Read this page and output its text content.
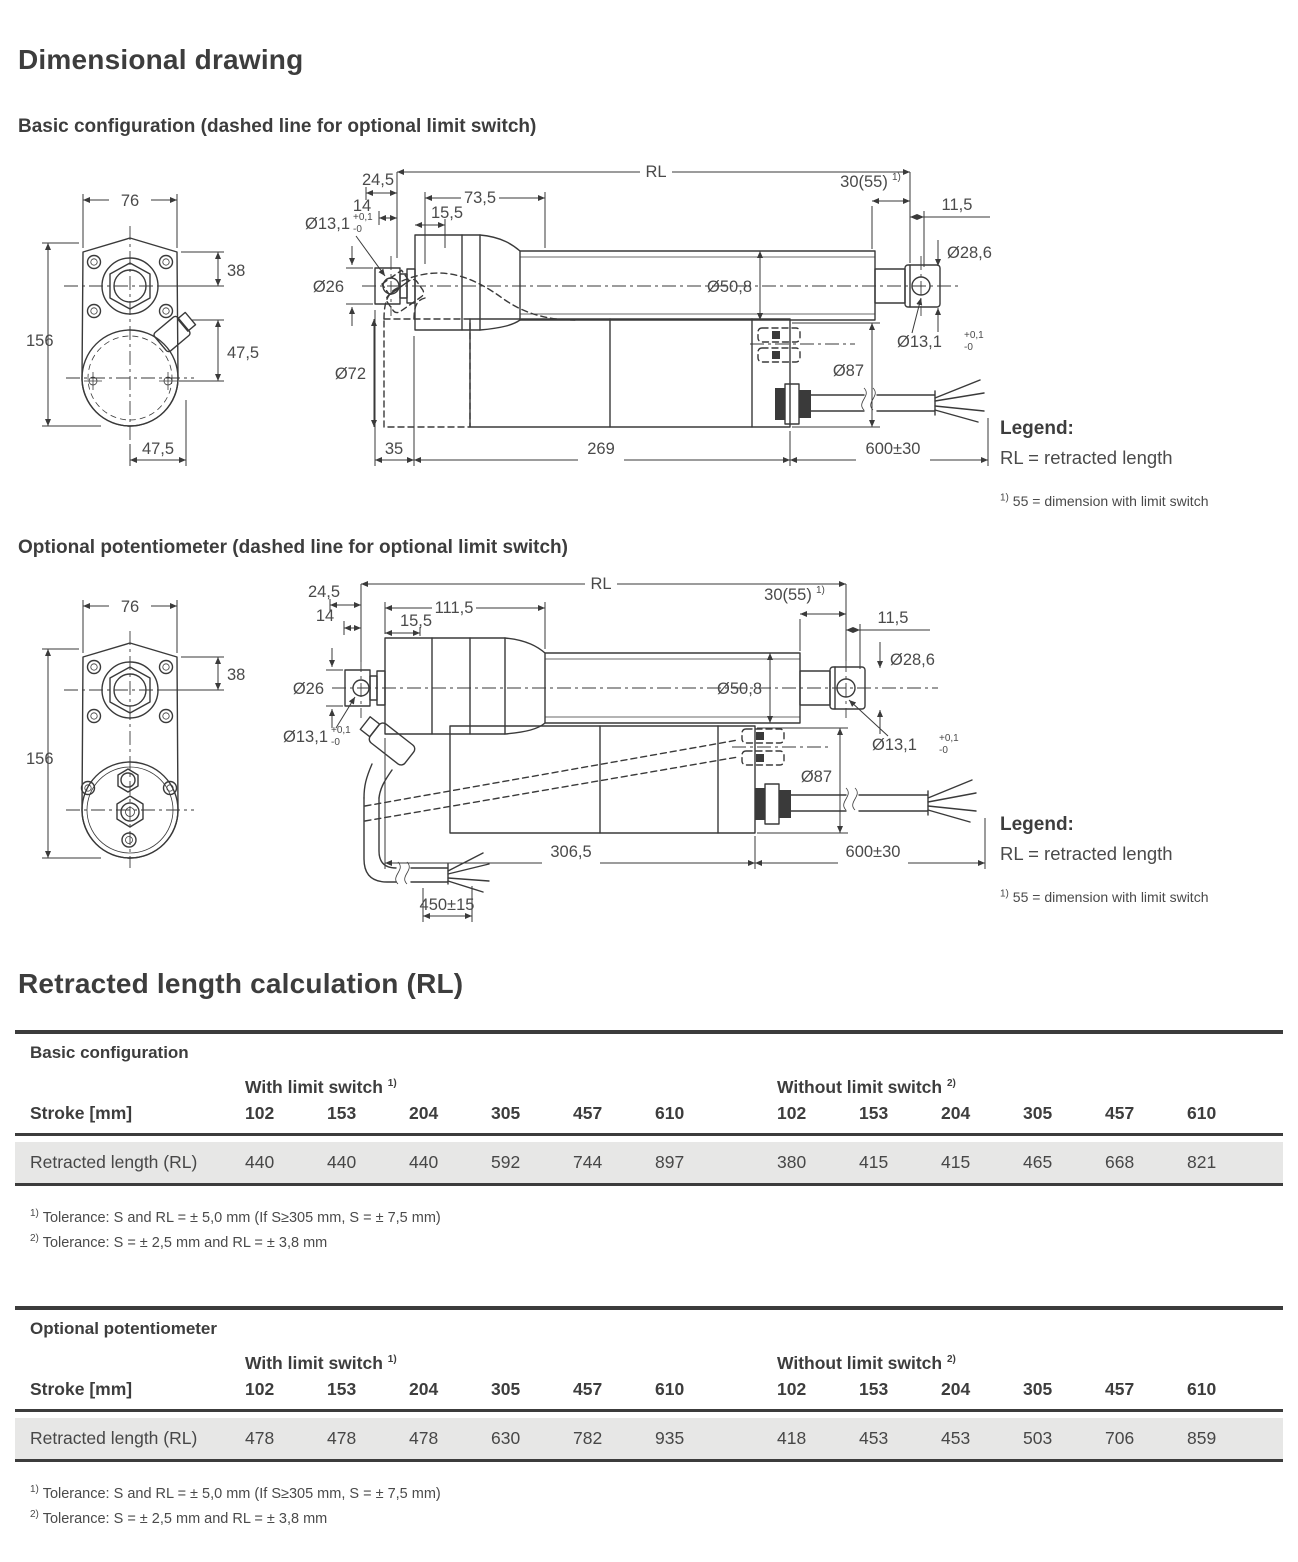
Dimensional drawing
Basic configuration (dashed line for optional limit switch)
76
38
156
47,5
47,5
RL
24,5
14	73,5
15,5
Ø13,1 +0,1
-0
Ø26	Ø50,8
30(55) 1)
11,5
Ø28,6
Ø13,1 +0,1
-0
Ø72	Ø87
35	269	600±30
Legend:
RL = retracted length
$^{1)}$ 55 = dimension with limit switch
Optional potentiometer (dashed line for optional limit switch)
76
38
156
RL
24,5
14	111,5
15,5
Ø26
Ø13,1 +0,1
-0
Ø50,8
30(55) 1)
11,5
Ø28,6
Ø13,1 +0,1
-0
Ø87
306,5	600±30
450±15
Legend:
RL = retracted length
$^{1)}$ 55 = dimension with limit switch
Retracted length calculation (RL)
Basic configuration
With limit switch $^{1)}$	Without limit switch $^{2)}$
Stroke [mm]	102	153	204	305	457	610	102	153	204	305	457	610
Retracted length (RL)	440	440	440	592	744	897	380	415	415	465	668	821
$^{1)}$ Tolerance: S and RL = ± 5,0 mm (If S≥305 mm, S = ± 7,5 mm)
$^{2)}$ Tolerance: S = ± 2,5 mm and RL = ± 3,8 mm
Optional potentiometer
With limit switch $^{1)}$	Without limit switch $^{2)}$
Stroke [mm]	102	153	204	305	457	610	102	153	204	305	457	610
Retracted length (RL)	478	478	478	630	782	935	418	453	453	503	706	859
$^{1)}$ Tolerance: S and RL = ± 5,0 mm (If S≥305 mm, S = ± 7,5 mm)
$^{2)}$ Tolerance: S = ± 2,5 mm and RL = ± 3,8 mm
